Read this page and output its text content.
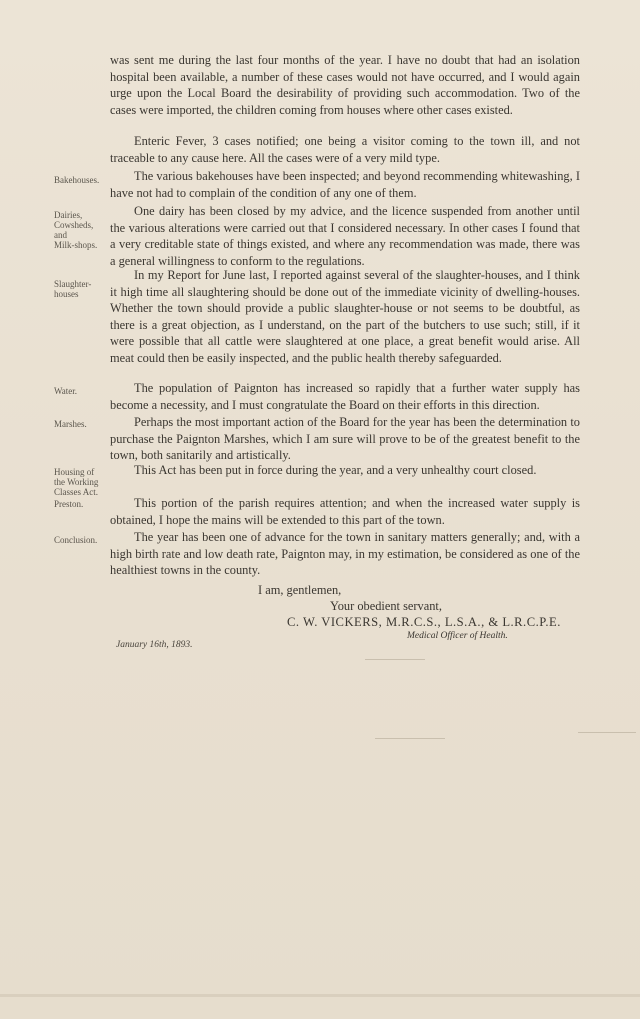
Bakehouses.
Dairies,
Cowsheds,
and
Milk-shops.
Slaughter-
houses
Water.
Marshes.
Housing of
the Working
Classes Act.
Preston.
Conclusion.

was sent me during the last four months of the year. I have no doubt that had an isolation hospital been available, a number of these cases would not have occurred, and I would again urge upon the Local Board the desirability of providing such accommodation. Two of the cases were imported, the children coming from houses where other cases existed.

Enteric Fever, 3 cases notified; one being a visitor coming to the town ill, and not traceable to any cause here. All the cases were of a very mild type.

The various bakehouses have been inspected; and beyond recommending whitewashing, I have not had to complain of the condition of any one of them.

One dairy has been closed by my advice, and the licence suspended from another until the various alterations were carried out that I considered necessary. In other cases I found that a very creditable state of things existed, and where any recommendation was made, there was a general willingness to conform to the regulations.

In my Report for June last, I reported against several of the slaughter-houses, and I think it high time all slaughtering should be done out of the immediate vicinity of dwelling-houses. Whether the town should provide a public slaughter-house or not seems to be doubtful, as there is a great objection, as I understand, on the part of the butchers to use such; still, if it were possible that all cattle were slaughtered at one place, a great benefit would arise. All meat could then be easily inspected, and the public health thereby safeguarded.

The population of Paignton has increased so rapidly that a further water supply has become a necessity, and I must congratulate the Board on their efforts in this direction.

Perhaps the most important action of the Board for the year has been the determination to purchase the Paignton Marshes, which I am sure will prove to be of the greatest benefit to the town, both sanitarily and artistically.

This Act has been put in force during the year, and a very unhealthy court closed.

This portion of the parish requires attention; and when the increased water supply is obtained, I hope the mains will be extended to this part of the town.

The year has been one of advance for the town in sanitary matters generally; and, with a high birth rate and low death rate, Paignton may, in my estimation, be considered as one of the healthiest towns in the county.

I am, gentlemen,
Your obedient servant,
C. W. VICKERS, M.R.C.S., L.S.A., & L.R.C.P.E.
Medical Officer of Health.
January 16th, 1893.
